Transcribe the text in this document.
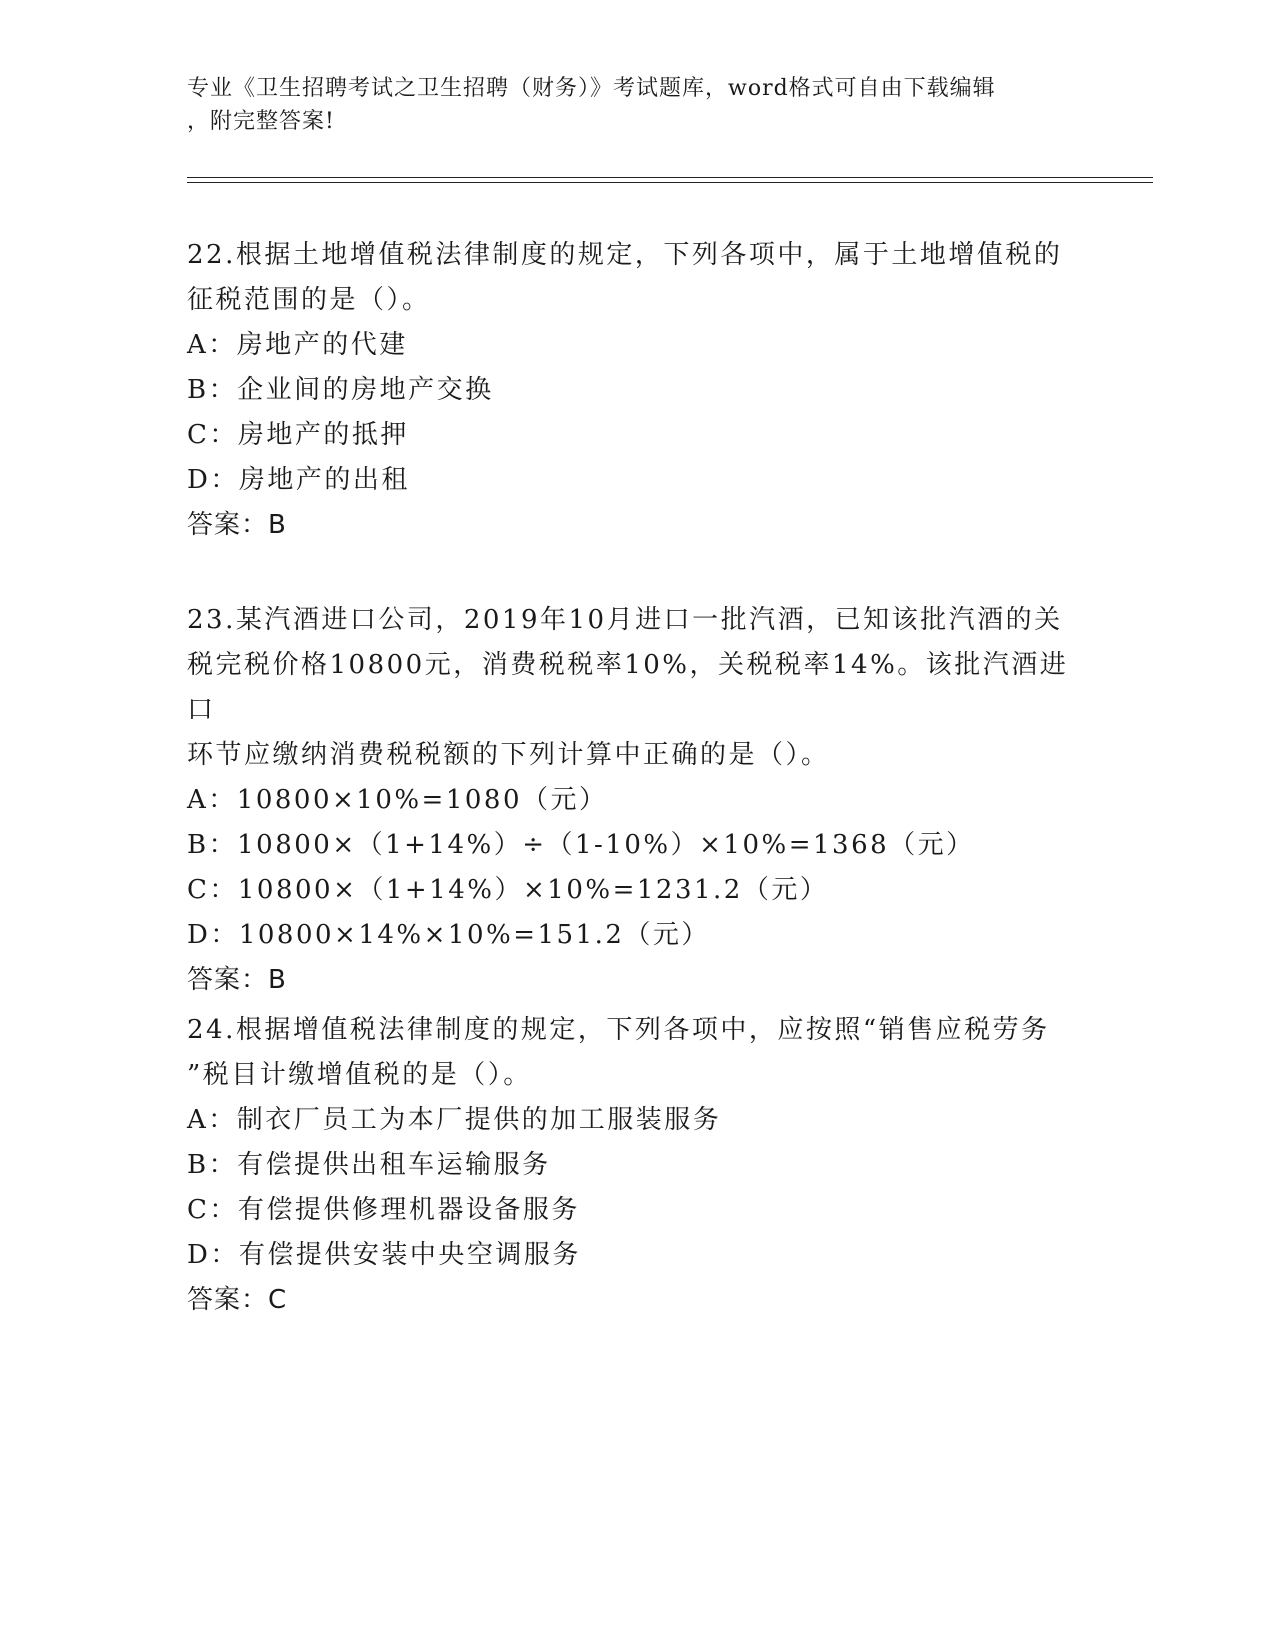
专业《卫生招聘考试之卫生招聘（财务）》考试题库，word格式可自由下载编辑
，附完整答案!
22.根据土地增值税法律制度的规定，下列各项中，属于土地增值税的
征税范围的是（）。
A：房地产的代建
B：企业间的房地产交换
C：房地产的抵押
D：房地产的出租
答案：B
23.某汽酒进口公司，2019年10月进口一批汽酒，已知该批汽酒的关
税完税价格10800元，消费税税率10%，关税税率14%。该批汽酒进口
环节应缴纳消费税税额的下列计算中正确的是（）。
A：10800×10%=1080（元）
B：10800×（1+14%）÷（1-10%）×10%=1368（元）
C：10800×（1+14%）×10%=1231.2（元）
D：10800×14%×10%=151.2（元）
答案：B
24.根据增值税法律制度的规定，下列各项中，应按照“销售应税劳务
”税目计缴增值税的是（）。
A：制衣厂员工为本厂提供的加工服装服务
B：有偿提供出租车运输服务
C：有偿提供修理机器设备服务
D：有偿提供安装中央空调服务
答案：C
